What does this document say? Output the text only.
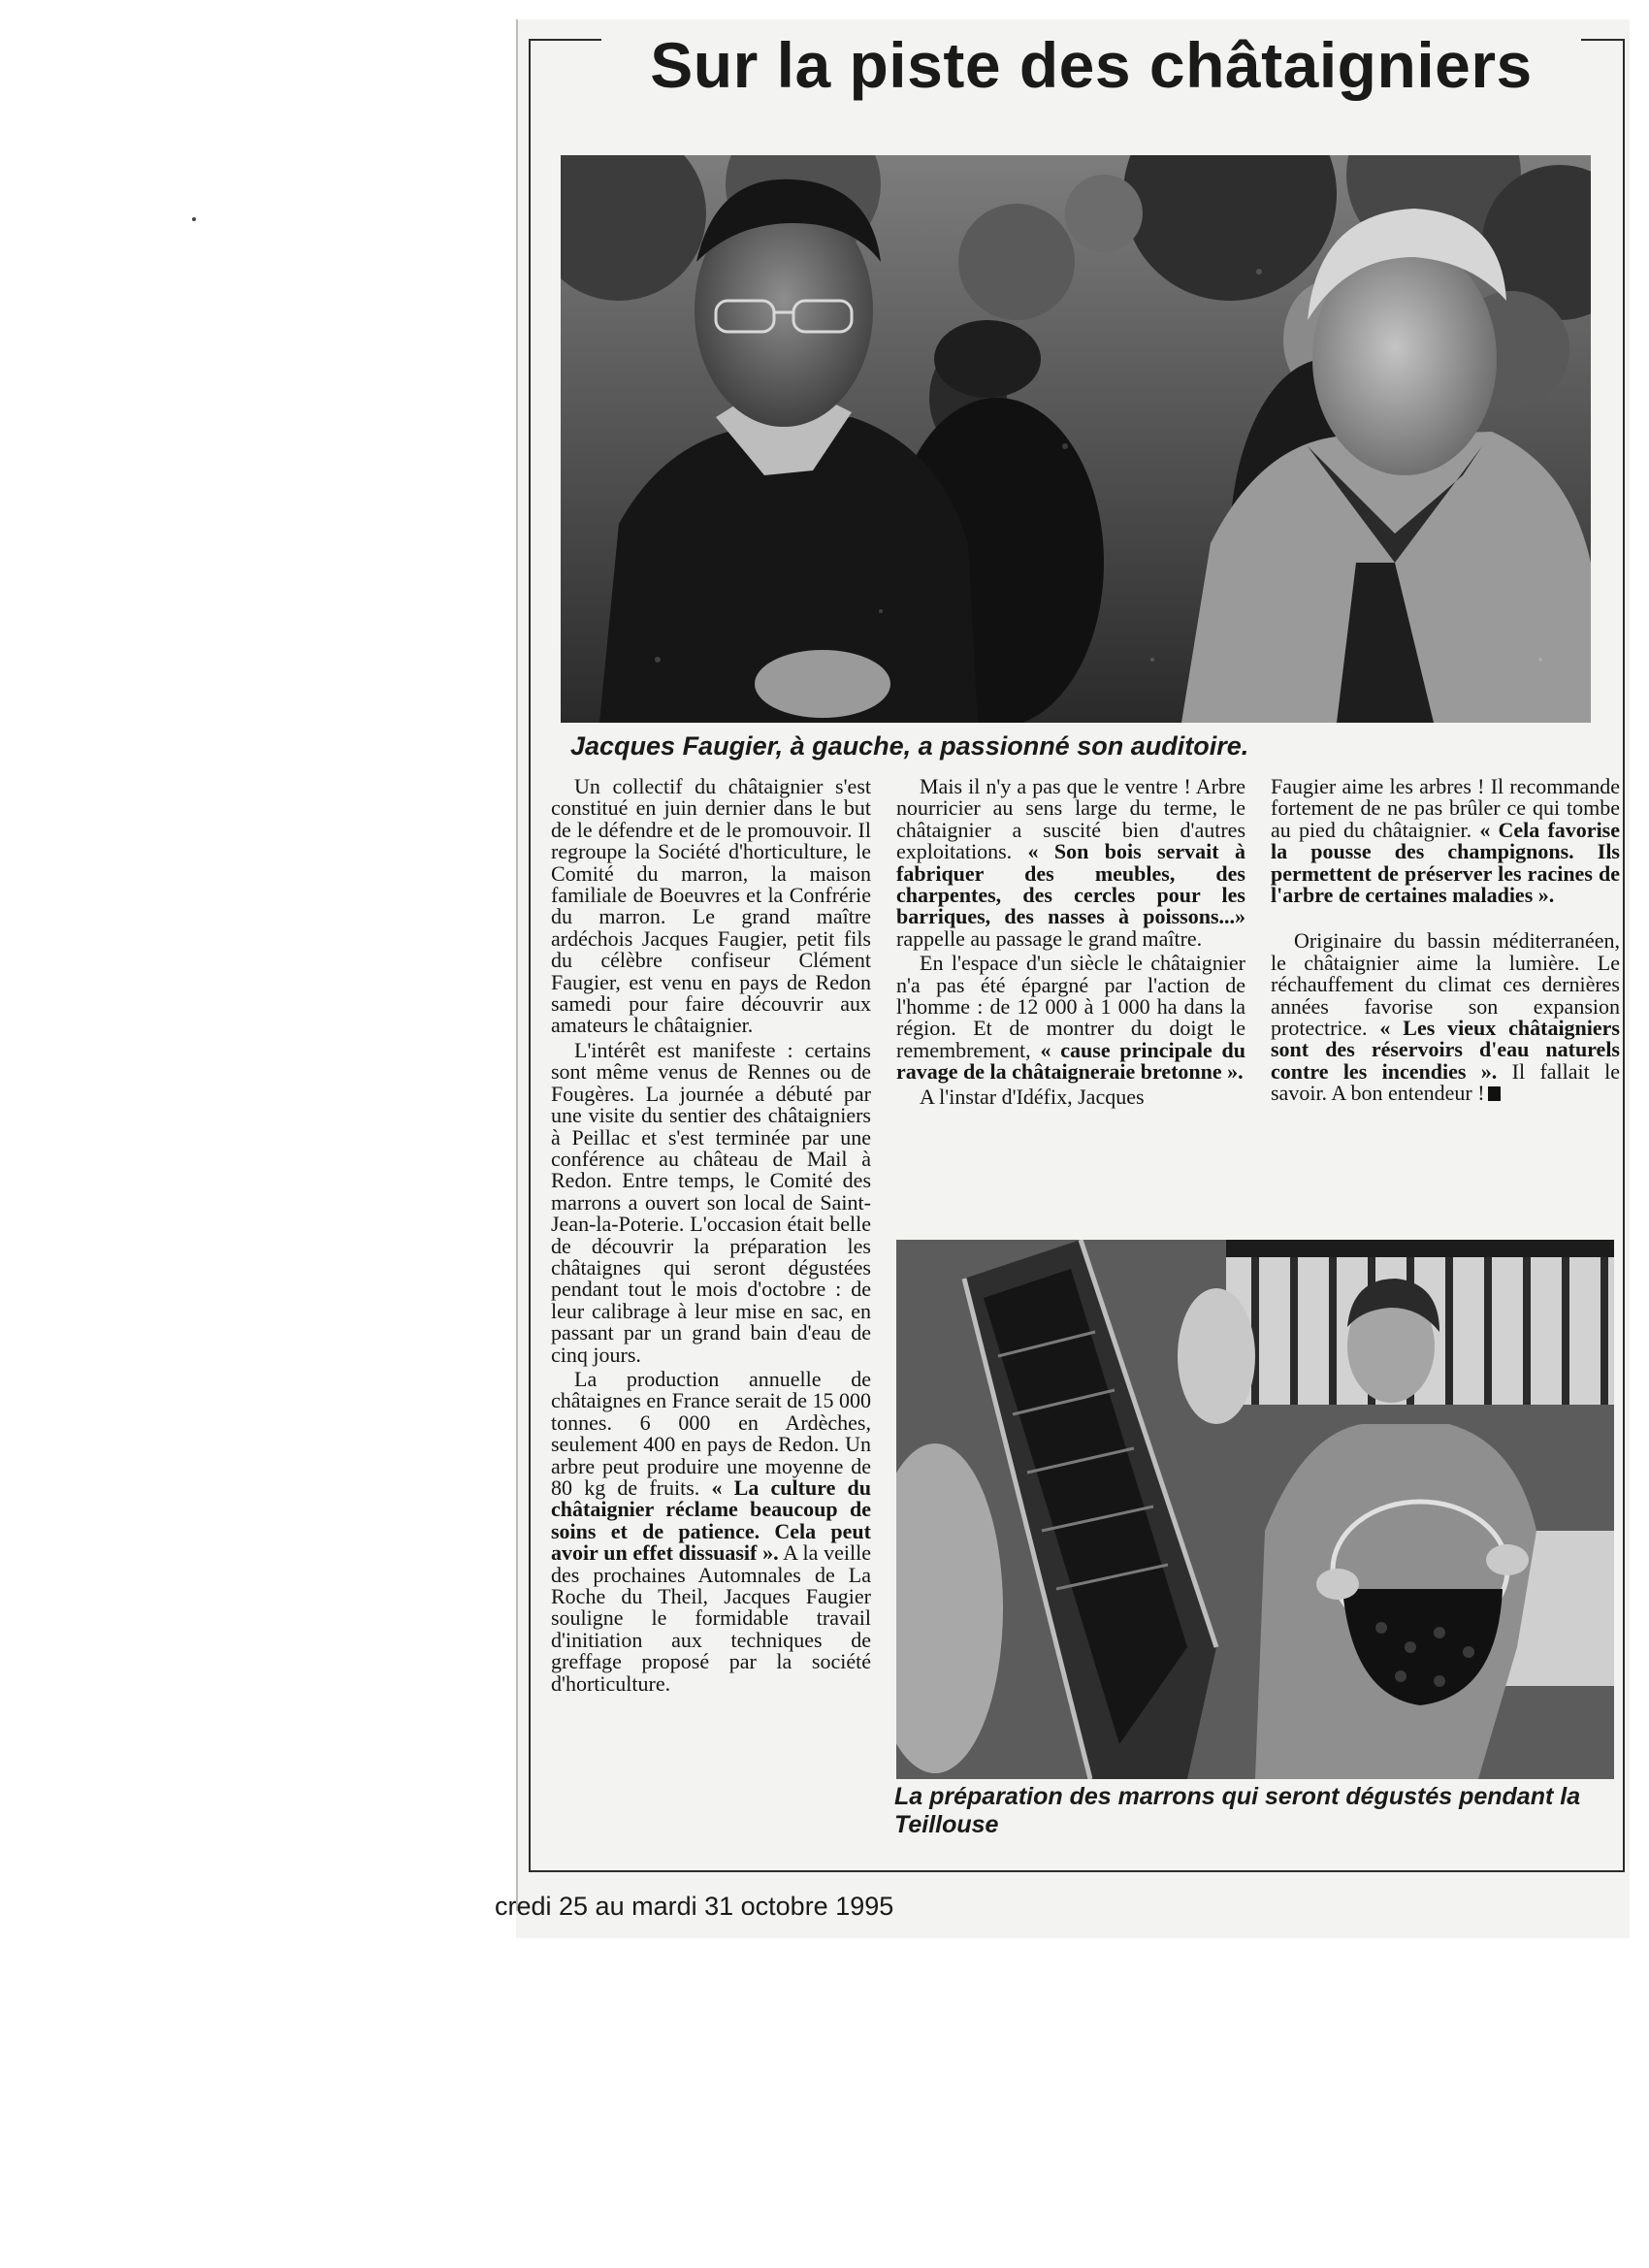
Sur la piste des châtaigniers

Jacques Faugier, à gauche, a passionné son auditoire.

Un collectif du châtaignier s'est constitué en juin dernier dans le but de le défendre et de le promouvoir. Il regroupe la Société d'horticulture, le Comité du marron, la maison familiale de Boeuvres et la Confrérie du marron. Le grand maître ardéchois Jacques Faugier, petit fils du célèbre confiseur Clément Faugier, est venu en pays de Redon samedi pour faire découvrir aux amateurs le châtaignier.

L'intérêt est manifeste : certains sont même venus de Rennes ou de Fougères. La journée a débuté par une visite du sentier des châtaigniers à Peillac et s'est terminée par une conférence au château de Mail à Redon. Entre temps, le Comité des marrons a ouvert son local de Saint-Jean-la-Poterie. L'occasion était belle de découvrir la préparation les châtaignes qui seront dégustées pendant tout le mois d'octobre : de leur calibrage à leur mise en sac, en passant par un grand bain d'eau de cinq jours.

La production annuelle de châtaignes en France serait de 15 000 tonnes. 6 000 en Ardèches, seulement 400 en pays de Redon. Un arbre peut produire une moyenne de 80 kg de fruits. « La culture du châtaignier réclame beaucoup de soins et de patience. Cela peut avoir un effet dissuasif ». A la veille des prochaines Automnales de La Roche du Theil, Jacques Faugier souligne le formidable travail d'initiation aux techniques de greffage proposé par la société d'horticulture.

Mais il n'y a pas que le ventre ! Arbre nourricier au sens large du terme, le châtaignier a suscité bien d'autres exploitations. « Son bois servait à fabriquer des meubles, des charpentes, des cercles pour les barriques, des nasses à poissons...» rappelle au passage le grand maître.

En l'espace d'un siècle le châtaignier n'a pas été épargné par l'action de l'homme : de 12 000 à 1 000 ha dans la région. Et de montrer du doigt le remembrement, « cause principale du ravage de la châtaigneraie bretonne ».

A l'instar d'Idéfix, Jacques

Faugier aime les arbres ! Il recommande fortement de ne pas brûler ce qui tombe au pied du châtaignier. « Cela favorise la pousse des champignons. Ils permettent de préserver les racines de l'arbre de certaines maladies ».

Originaire du bassin méditerranéen, le châtaignier aime la lumière. Le réchauffement du climat ces dernières années favorise son expansion protectrice. « Les vieux châtaigniers sont des réservoirs d'eau naturels contre les incendies ». Il fallait le savoir. A bon entendeur !

La préparation des marrons qui seront dégustés pendant la Teillouse

credi 25 au mardi 31 octobre 1995
